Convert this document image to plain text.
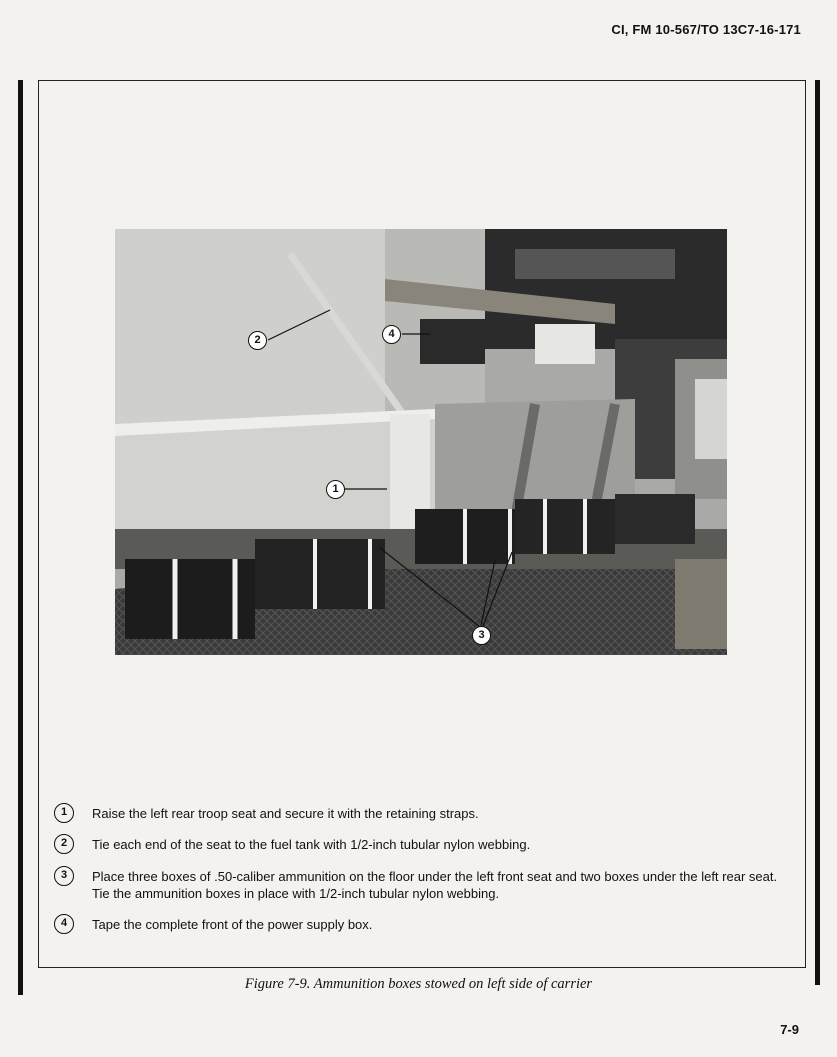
CI, FM 10-567/TO 13C7-16-171
2	4
1
3
1	Raise the left rear troop seat and secure it with the retaining straps.
2	Tie each end of the seat to the fuel tank with 1/2-inch tubular nylon webbing.
3	Place three boxes of .50-caliber ammunition on the floor under the left front seat and two boxes under the left rear seat. Tie the ammunition boxes in place with 1/2-inch tubular nylon webbing.
4	Tape the complete front of the power supply box.
Figure 7-9. Ammunition boxes stowed on left side of carrier
7-9
